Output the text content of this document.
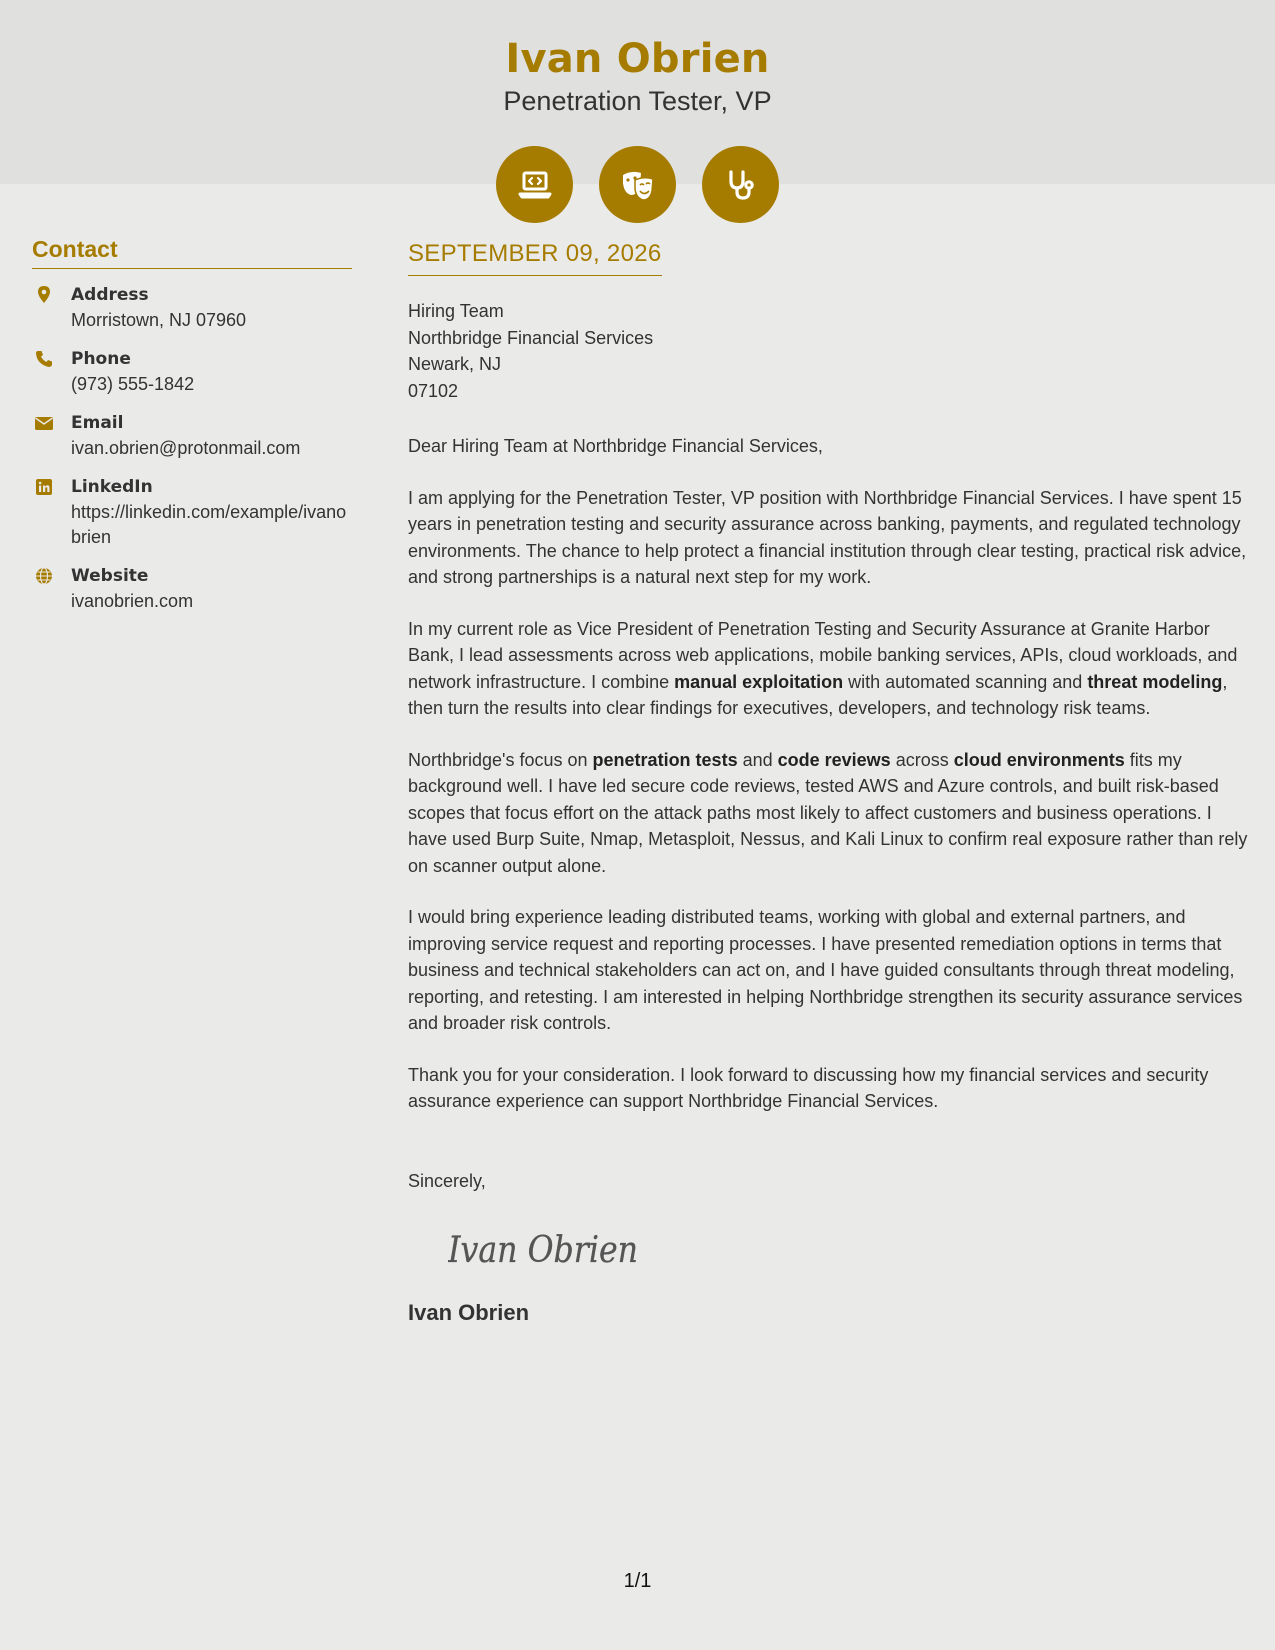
Ivan Obrien
Penetration Tester, VP
Contact
Address
Morristown, NJ 07960
Phone
(973) 555-1842
Email
ivan.obrien@protonmail.com
LinkedIn
https://linkedin.com/example/ivanobrien
Website
ivanobrien.com
SEPTEMBER 09, 2026
Hiring Team
Northbridge Financial Services
Newark, NJ
07102
Dear Hiring Team at Northbridge Financial Services,
I am applying for the Penetration Tester, VP position with Northbridge Financial Services. I have spent 15 years in penetration testing and security assurance across banking, payments, and regulated technology environments. The chance to help protect a financial institution through clear testing, practical risk advice, and strong partnerships is a natural next step for my work.
In my current role as Vice President of Penetration Testing and Security Assurance at Granite Harbor Bank, I lead assessments across web applications, mobile banking services, APIs, cloud workloads, and network infrastructure. I combine manual exploitation with automated scanning and threat modeling, then turn the results into clear findings for executives, developers, and technology risk teams.
Northbridge's focus on penetration tests and code reviews across cloud environments fits my background well. I have led secure code reviews, tested AWS and Azure controls, and built risk-based scopes that focus effort on the attack paths most likely to affect customers and business operations. I have used Burp Suite, Nmap, Metasploit, Nessus, and Kali Linux to confirm real exposure rather than rely on scanner output alone.
I would bring experience leading distributed teams, working with global and external partners, and improving service request and reporting processes. I have presented remediation options in terms that business and technical stakeholders can act on, and I have guided consultants through threat modeling, reporting, and retesting. I am interested in helping Northbridge strengthen its security assurance services and broader risk controls.
Thank you for your consideration. I look forward to discussing how my financial services and security assurance experience can support Northbridge Financial Services.
Sincerely,
Ivan Obrien
Ivan Obrien
1/1
